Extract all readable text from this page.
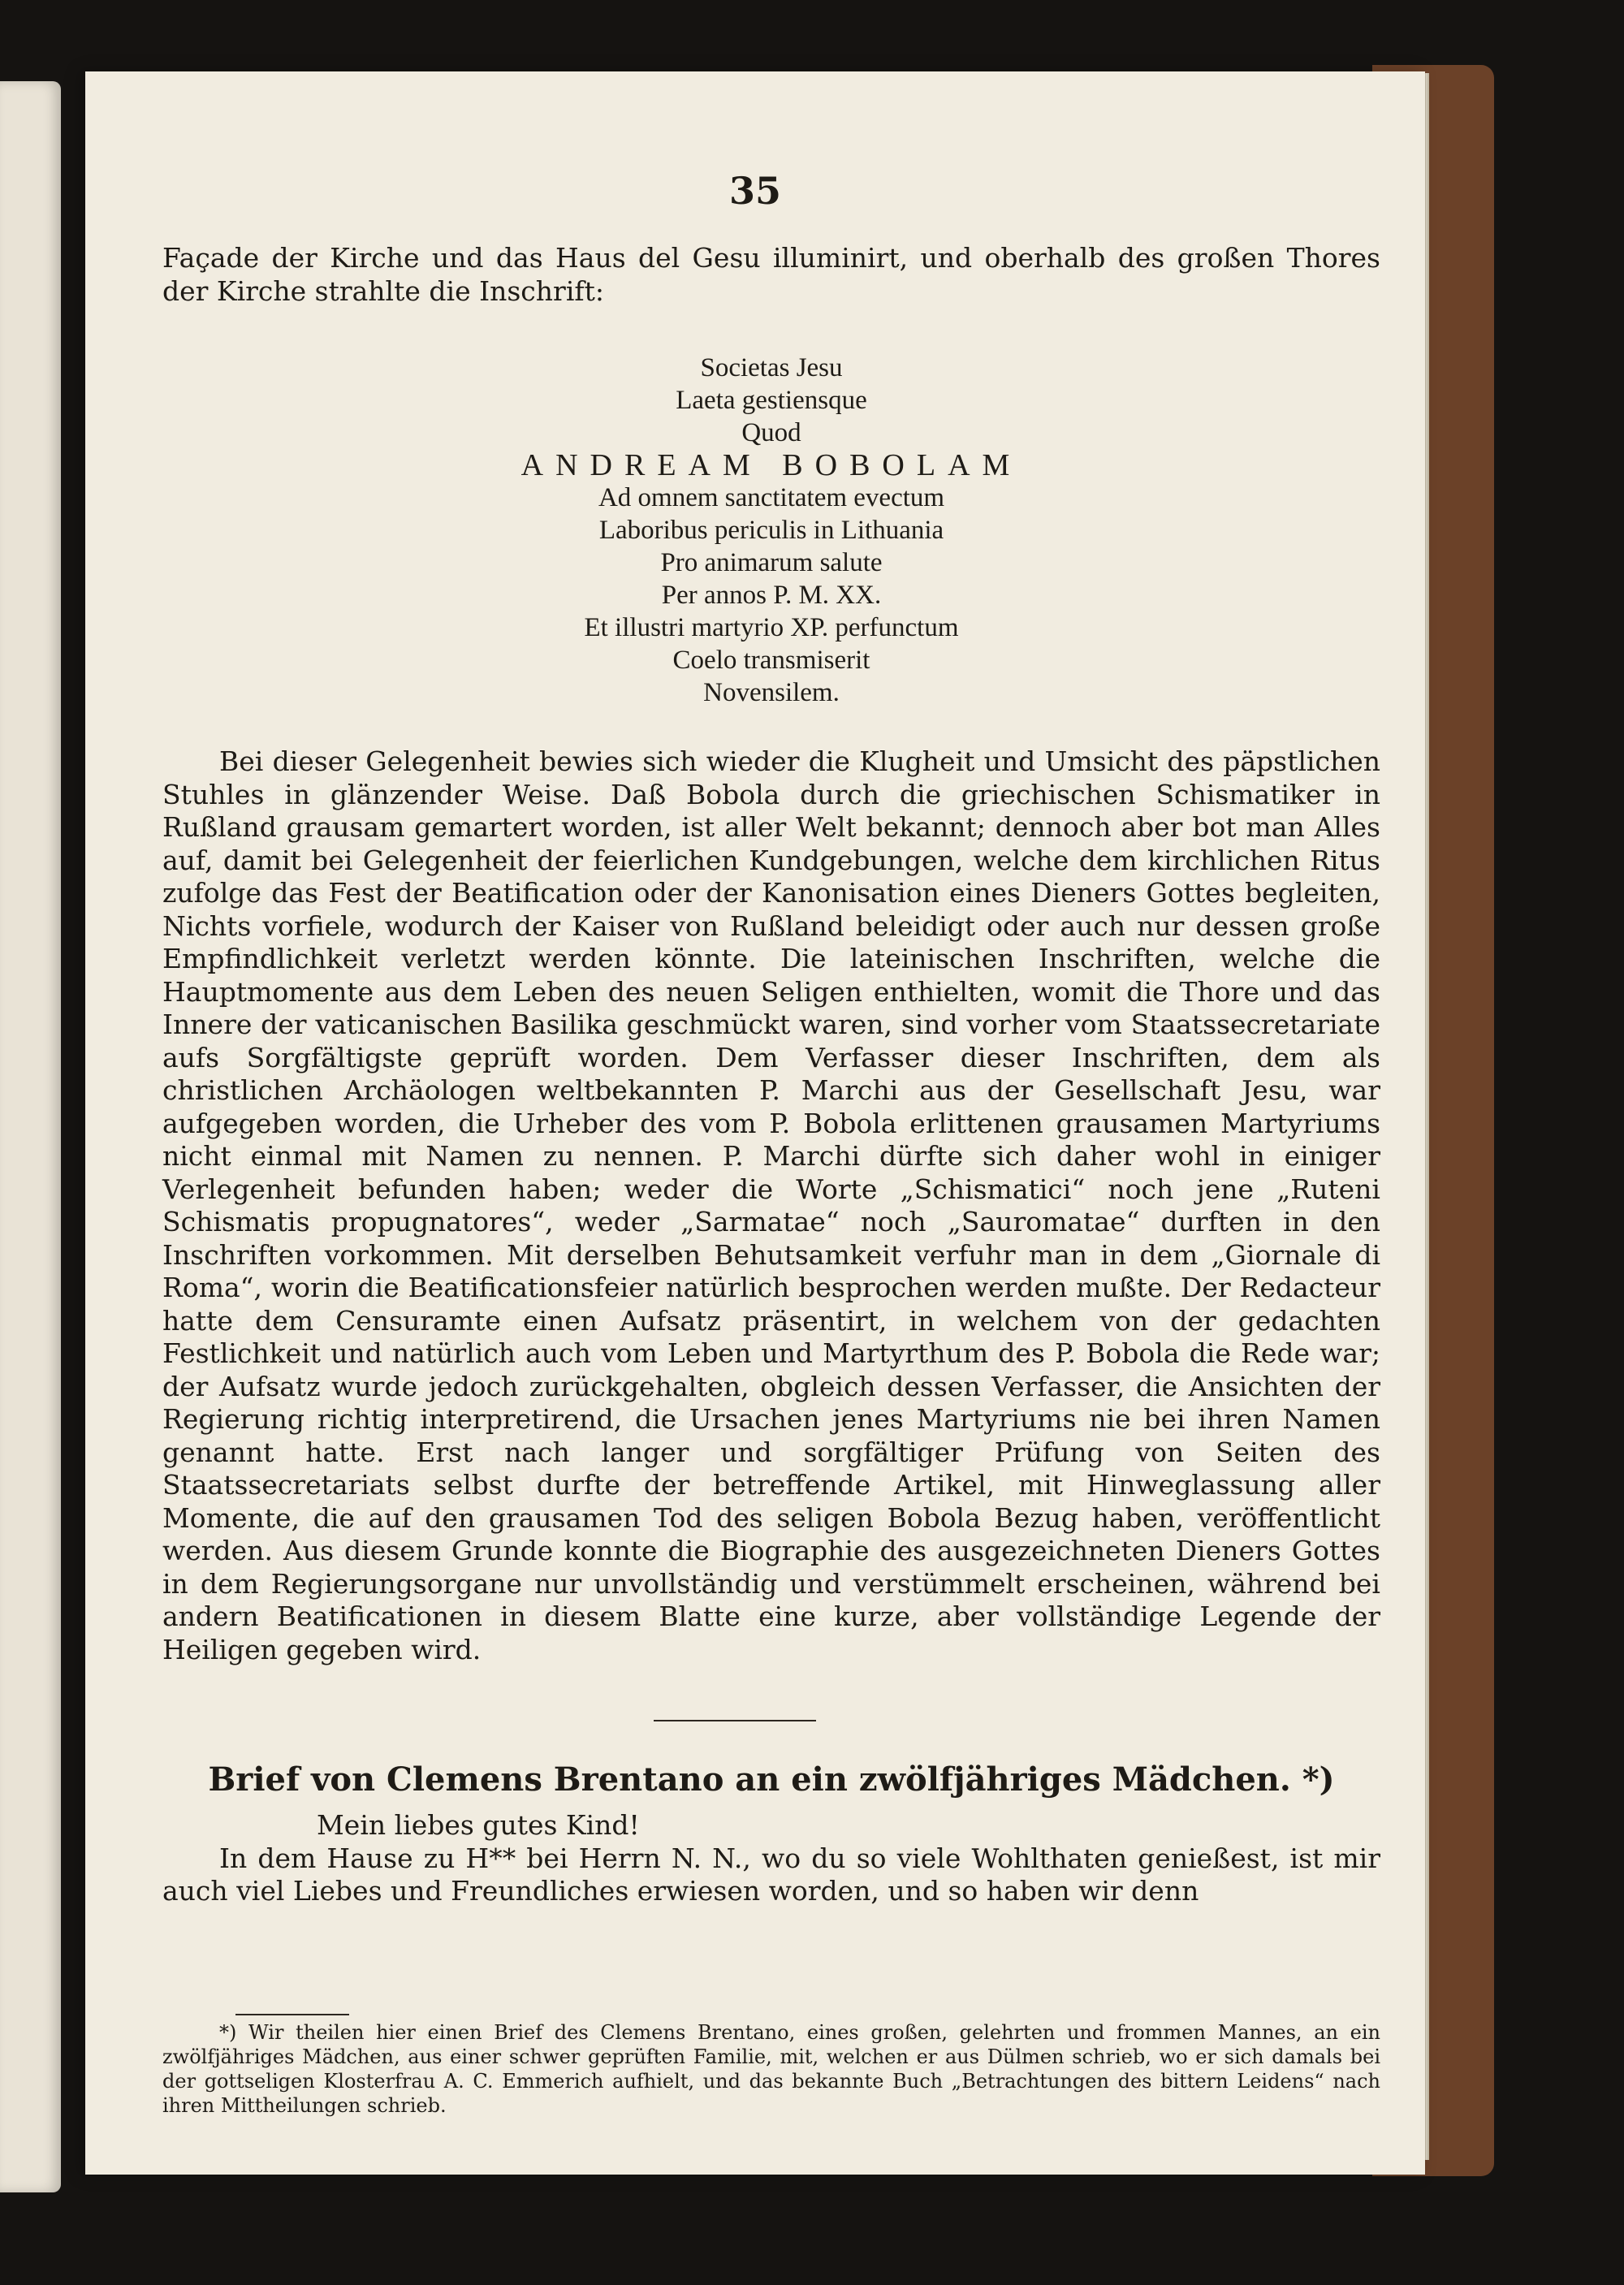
35

Façade der Kirche und das Haus del Gesu illuminirt, und oberhalb des großen Thores der Kirche strahlte die Inschrift:

Societas Jesu
Laeta gestiensque
Quod
ANDREAM BOBOLAM
Ad omnem sanctitatem evectum
Laboribus periculis in Lithuania
Pro animarum salute
Per annos P. M. XX.
Et illustri martyrio XP. perfunctum
Coelo transmiserit
Novensilem.

Bei dieser Gelegenheit bewies sich wieder die Klugheit und Umsicht des päpstlichen Stuhles in glänzender Weise. Daß Bobola durch die griechischen Schismatiker in Rußland grausam gemartert worden, ist aller Welt bekannt; dennoch aber bot man Alles auf, damit bei Gelegenheit der feierlichen Kundgebungen, welche dem kirchlichen Ritus zufolge das Fest der Beatification oder der Kanonisation eines Dieners Gottes begleiten, Nichts vorfiele, wodurch der Kaiser von Rußland beleidigt oder auch nur dessen große Empfindlichkeit verletzt werden könnte. Die lateinischen Inschriften, welche die Hauptmomente aus dem Leben des neuen Seligen enthielten, womit die Thore und das Innere der vaticanischen Basilika geschmückt waren, sind vorher vom Staatssecretariate aufs Sorgfältigste geprüft worden. Dem Verfasser dieser Inschriften, dem als christlichen Archäologen weltbekannten P. Marchi aus der Gesellschaft Jesu, war aufgegeben worden, die Urheber des vom P. Bobola erlittenen grausamen Martyriums nicht einmal mit Namen zu nennen. P. Marchi dürfte sich daher wohl in einiger Verlegenheit befunden haben; weder die Worte „Schismatici“ noch jene „Ruteni Schismatis propugnatores“, weder „Sarmatae“ noch „Sauromatae“ durften in den Inschriften vorkommen. Mit derselben Behutsamkeit verfuhr man in dem „Giornale di Roma“, worin die Beatificationsfeier natürlich besprochen werden mußte. Der Redacteur hatte dem Censuramte einen Aufsatz präsentirt, in welchem von der gedachten Festlichkeit und natürlich auch vom Leben und Martyrthum des P. Bobola die Rede war; der Aufsatz wurde jedoch zurückgehalten, obgleich dessen Verfasser, die Ansichten der Regierung richtig interpretirend, die Ursachen jenes Martyriums nie bei ihren Namen genannt hatte. Erst nach langer und sorgfältiger Prüfung von Seiten des Staatssecretariats selbst durfte der betreffende Artikel, mit Hinweglassung aller Momente, die auf den grausamen Tod des seligen Bobola Bezug haben, veröffentlicht werden. Aus diesem Grunde konnte die Biographie des ausgezeichneten Dieners Gottes in dem Regierungsorgane nur unvollständig und verstümmelt erscheinen, während bei andern Beatificationen in diesem Blatte eine kurze, aber vollständige Legende der Heiligen gegeben wird.

Brief von Clemens Brentano an ein zwölfjähriges Mädchen. *)

Mein liebes gutes Kind!

In dem Hause zu H** bei Herrn N. N., wo du so viele Wohlthaten genießest, ist mir auch viel Liebes und Freundliches erwiesen worden, und so haben wir denn

*) Wir theilen hier einen Brief des Clemens Brentano, eines großen, gelehrten und frommen Mannes, an ein zwölfjähriges Mädchen, aus einer schwer geprüften Familie, mit, welchen er aus Dülmen schrieb, wo er sich damals bei der gottseligen Klosterfrau A. C. Emmerich aufhielt, und das bekannte Buch „Betrachtungen des bittern Leidens“ nach ihren Mittheilungen schrieb.
